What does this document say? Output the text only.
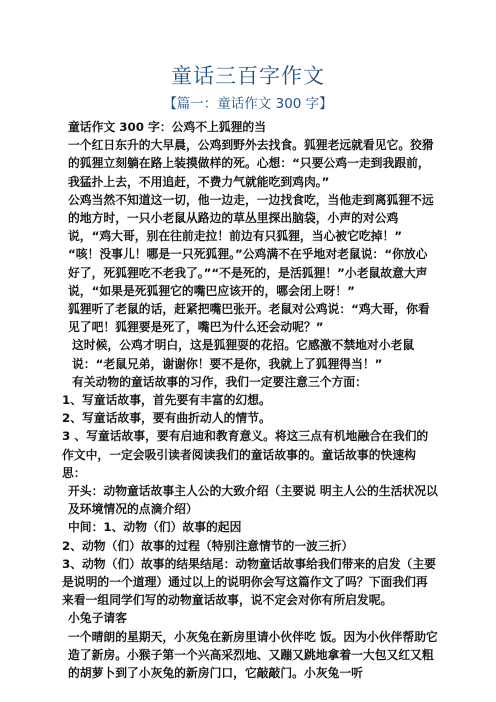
童话三百字作文
【篇一：童话作文 300 字】

童话作文 300 字：公鸡不上狐狸的当

一个红日东升的大早晨，公鸡到野外去找食。狐狸老远就看见它。狡猾的狐狸立刻躺在路上装摸做样的死。心想：“只要公鸡一走到我跟前，我猛扑上去，不用追赶，不费力气就能吃到鸡肉。”

公鸡当然不知道这一切，他一边走，一边找食吃，当他走到离狐狸不远的地方时，一只小老鼠从路边的草丛里探出脑袋，小声的对公鸡说，“鸡大哥，别在往前走拉！前边有只狐狸，当心被它吃掉！”

“咳！没事儿！哪是一只死狐狸。”公鸡满不在乎地对老鼠说：“你放心好了，死狐狸吃不老我了。”“不是死的，是活狐狸！”小老鼠故意大声说，“如果是死狐狸它的嘴巴应该开的，哪会闭上呀！”

狐狸听了老鼠的话，赶紧把嘴巴张开。老鼠对公鸡说：“鸡大哥，你看见了吧！狐狸要是死了，嘴巴为什么还会动呢？”

这时候，公鸡才明白，这是狐狸耍的花招。它感激不禁地对小老鼠说：“老鼠兄弟，谢谢你！要不是你，我就上了狐狸得当！”

有关动物的童话故事的习作，我们一定要注意三个方面：

1、写童话故事，首先要有丰富的幻想。

2、写童话故事，要有曲折动人的情节。

3 、写童话故事，要有启迪和教育意义。将这三点有机地融合在我们的作文中，一定会吸引读者阅读我们的童话故事的。童话故事的快速构思：

开头：动物童话故事主人公的大致介绍（主要说 明主人公的生活状况以及环境情况的点滴介绍）

中间：1、动物（们）故事的起因

2、动物（们）故事的过程（特别注意情节的一波三折）

3、动物（们）故事的结果结尾：动物童话故事给我们带来的启发（主要是说明的一个道理）通过以上的说明你会写这篇作文了吗？下面我们再来看一组同学们写的动物童话故事，说不定会对你有所启发呢。

小兔子请客

一个晴朗的星期天，小灰兔在新房里请小伙伴吃 饭。因为小伙伴帮助它造了新房。小猴子第一个兴高采烈地、又蹦又跳地拿着一大包又红又粗的胡萝卜到了小灰兔的新房门口，它敲敲门。小灰兔一听
